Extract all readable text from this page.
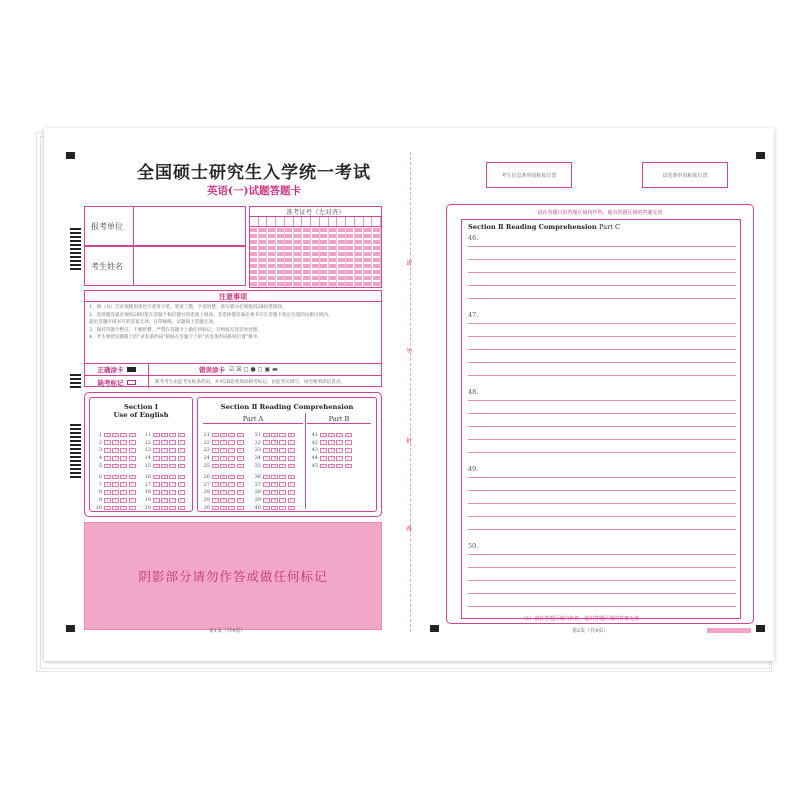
全国硕士研究生入学统一考试
英语(一)试题答题卡
报考单位
考生姓名
准考证号（左对齐）
注意事项
1．填（书）写必须使用黑色字迹签字笔，笔迹工整，字迹清楚；涂写部分必须使用2B铅笔填涂。
2．选择题答案必须用2B铅笔在答题卡相应题号的选项上填涂。非选择题答案必须书写在答题卡指定位置的边框区域内。
超出答题区域书写的答案无效；在草稿纸、试题册上答题无效。
3．保持答题卡整洁，不要折叠，严禁在答题卡上做任何标记，否则按无效答卷处理。
4．考生须把试题册上的“试卷条形码”粘贴在答题卡上的“试卷条形码粘贴位置”框中。
正确涂卡	错误涂卡 ☑ ☒ ◻ ● ◻ ▣ ▬
缺考标记	缺考考生由监考员贴条形码，并用2B铅笔填涂缺考标记，由监考员填写，请勿要填涂信息点。
Section I
Use of English
Section Ⅱ Reading Comprehension
Part A	Part B
1	A	B	C	D
2	A	B	C	D
3	A	B	C	D
4	A	B	C	D
5	A	B	C	D
6	A	B	C	D
7	A	B	C	D
8	A	B	C	D
9	A	B	C	D
10	A	B	C	D
11	A	B	C	D
12	A	B	C	D
13	A	B	C	D
14	A	B	C	D
15	A	B	C	D
16	A	B	C	D
17	A	B	C	D
18	A	B	C	D
19	A	B	C	D
20	A	B	C	D
21	A	B	C	D
22	A	B	C	D
23	A	B	C	D
24	A	B	C	D
25	A	B	C	D
26	A	B	C	D
27	A	B	C	D
28	A	B	C	D
29	A	B	C	D
30	A	B	C	D
31	A	B	C	D
32	A	B	C	D
33	A	B	C	D
34	A	B	C	D
35	A	B	C	D
36	A	B	C	D
37	A	B	C	D
38	A	B	C	D
39	A	B	C	D
40	A	B	C	D
41	A	B	C	D
42	A	B	C	D
43	A	B	C	D
44	A	B	C	D
45	A	B	C	D
阴影部分请勿作答或做任何标记
第1页（共4页）
请
勿
折
叠
考生信息条形码粘贴位置	试卷条形码粘贴位置
请在各题目的答题区域内作答，超出答题区域的答案无效
Section Ⅱ Reading Comprehension Part C
46.
47.
48.
49.
50.
（5）请在答题区域内作答，超出答题区域的答案无效
第2页（共4页）
